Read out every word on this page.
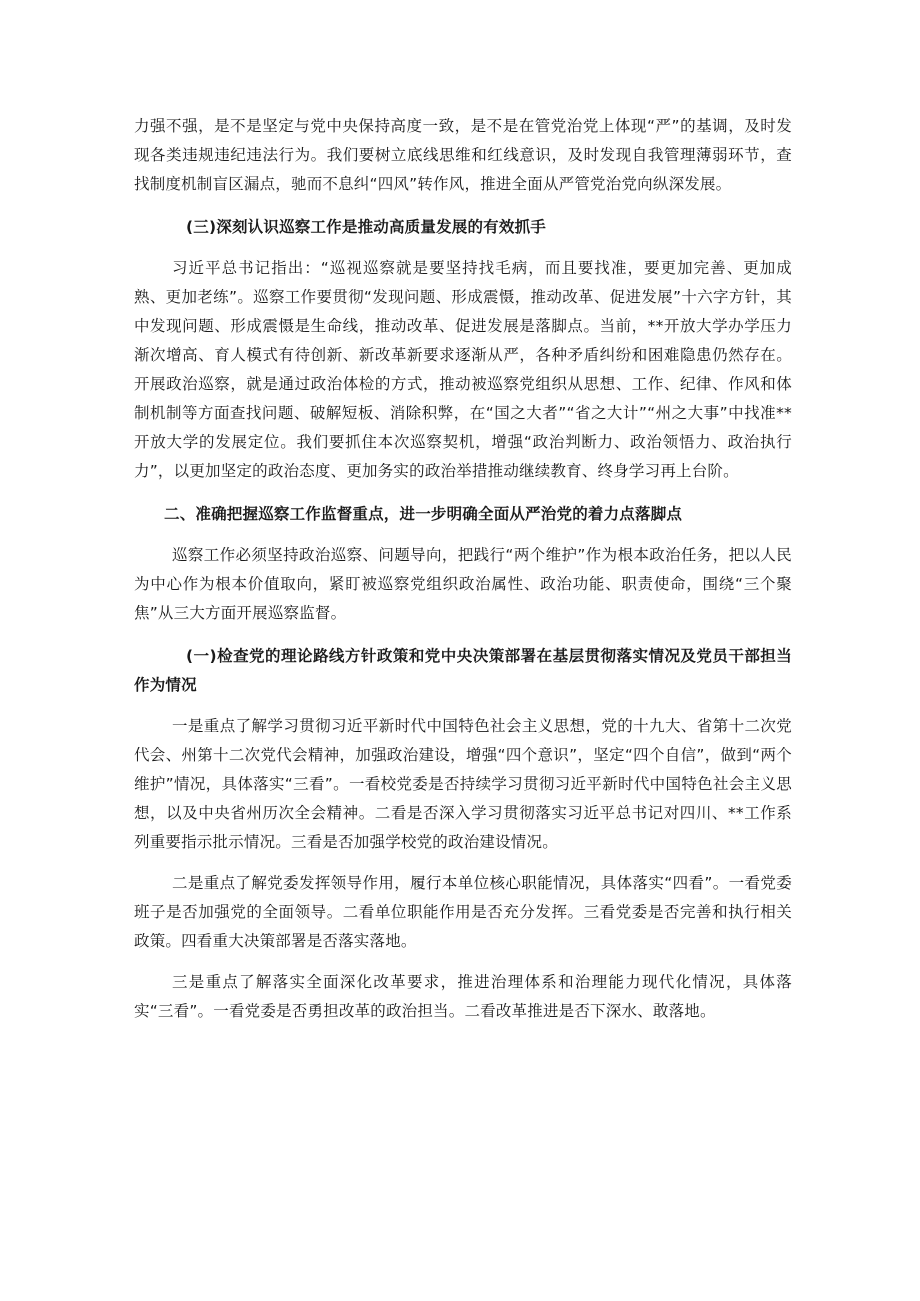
力强不强，是不是坚定与党中央保持高度一致，是不是在管党治党上体现“严”的基调，及时发现各类违规违纪违法行为。我们要树立底线思维和红线意识，及时发现自我管理薄弱环节，查找制度机制盲区漏点，驰而不息纠“四风”转作风，推进全面从严管党治党向纵深发展。

(三)深刻认识巡察工作是推动高质量发展的有效抓手

习近平总书记指出：“巡视巡察就是要坚持找毛病，而且要找准，要更加完善、更加成熟、更加老练”。巡察工作要贯彻“发现问题、形成震慑，推动改革、促进发展”十六字方针，其中发现问题、形成震慑是生命线，推动改革、促进发展是落脚点。当前，**开放大学办学压力渐次增高、育人模式有待创新、新改革新要求逐渐从严，各种矛盾纠纷和困难隐患仍然存在。开展政治巡察，就是通过政治体检的方式，推动被巡察党组织从思想、工作、纪律、作风和体制机制等方面查找问题、破解短板、消除积弊，在“国之大者”“省之大计”“州之大事”中找准**开放大学的发展定位。我们要抓住本次巡察契机，增强“政治判断力、政治领悟力、政治执行力”，以更加坚定的政治态度、更加务实的政治举措推动继续教育、终身学习再上台阶。

二、准确把握巡察工作监督重点，进一步明确全面从严治党的着力点落脚点

巡察工作必须坚持政治巡察、问题导向，把践行“两个维护”作为根本政治任务，把以人民为中心作为根本价值取向，紧盯被巡察党组织政治属性、政治功能、职责使命，围绕“三个聚焦”从三大方面开展巡察监督。

(一)检查党的理论路线方针政策和党中央决策部署在基层贯彻落实情况及党员干部担当作为情况

一是重点了解学习贯彻习近平新时代中国特色社会主义思想，党的十九大、省第十二次党代会、州第十二次党代会精神，加强政治建设，增强“四个意识”，坚定“四个自信”，做到“两个维护”情况，具体落实“三看”。一看校党委是否持续学习贯彻习近平新时代中国特色社会主义思想，以及中央省州历次全会精神。二看是否深入学习贯彻落实习近平总书记对四川、**工作系列重要指示批示情况。三看是否加强学校党的政治建设情况。

二是重点了解党委发挥领导作用，履行本单位核心职能情况，具体落实“四看”。一看党委班子是否加强党的全面领导。二看单位职能作用是否充分发挥。三看党委是否完善和执行相关政策。四看重大决策部署是否落实落地。

三是重点了解落实全面深化改革要求，推进治理体系和治理能力现代化情况，具体落实“三看”。一看党委是否勇担改革的政治担当。二看改革推进是否下深水、敢落地。
